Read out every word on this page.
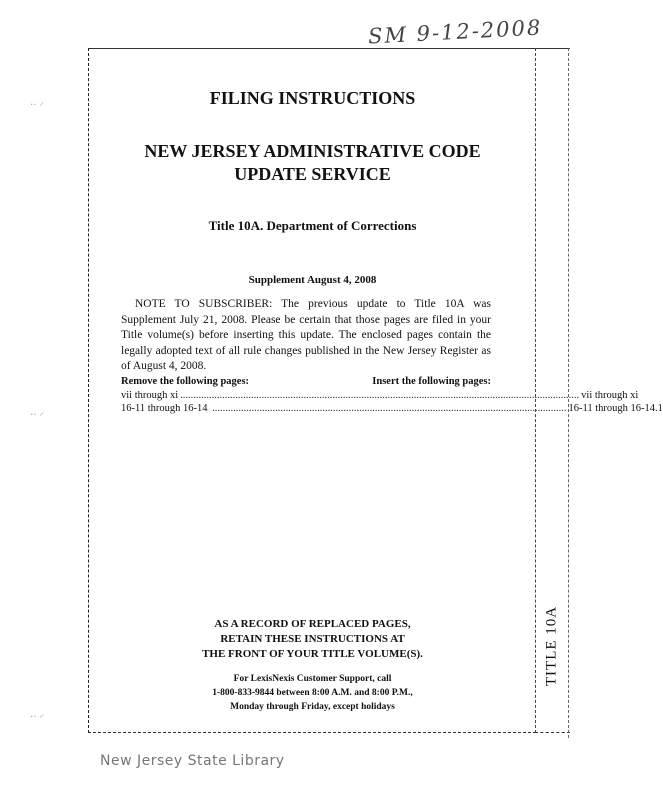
SM 9-12-2008
TITLE 10A
‥ ⸝
‥ ⸝
‥ ⸝
FILING INSTRUCTIONS
NEW JERSEY ADMINISTRATIVE CODE
UPDATE SERVICE
Title 10A. Department of Corrections
Supplement August 4, 2008
NOTE TO SUBSCRIBER: The previous update to Title 10A was Supplement July 21, 2008. Please be certain that those pages are filed in your Title volume(s) before inserting this update. The enclosed pages contain the legally adopted text of all rule changes published in the New Jersey Register as of August 4, 2008.
Remove the following pages:	Insert the following pages:
vii through xi ........................................................................................................................................................ vii through xi
16-11 through 16-14 ....................................................................................................................................... 16-11 through 16-14.1
AS A RECORD OF REPLACED PAGES,
RETAIN THESE INSTRUCTIONS AT
THE FRONT OF YOUR TITLE VOLUME(S).
For LexisNexis Customer Support, call
1-800-833-9844 between 8:00 A.M. and 8:00 P.M.,
Monday through Friday, except holidays
New Jersey State Library
